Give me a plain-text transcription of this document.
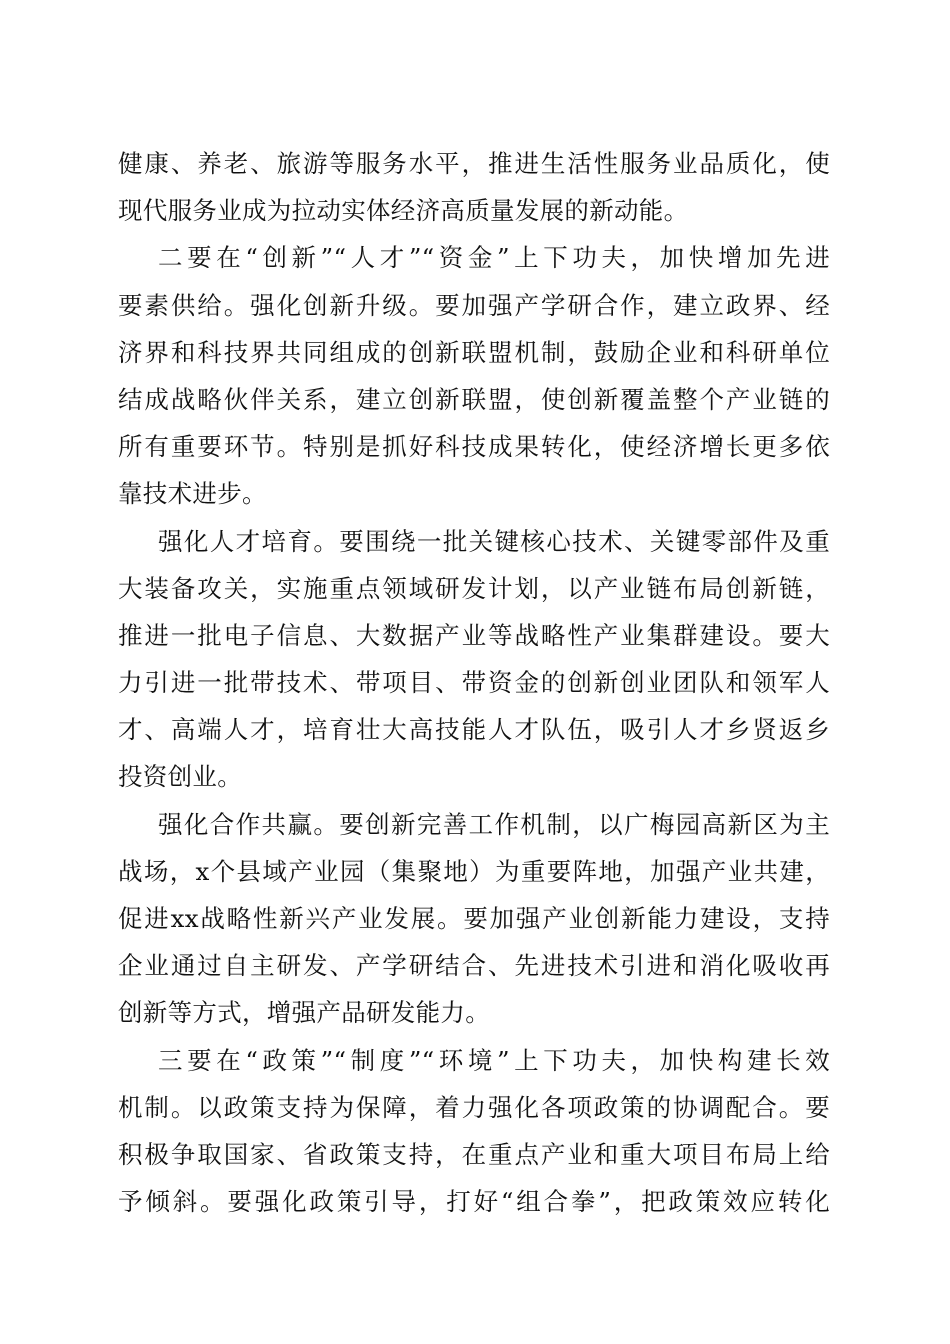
健康、养老、旅游等服务水平，推进生活性服务业品质化，使
现代服务业成为拉动实体经济高质量发展的新动能。
二要在“创新”“人才”“资金”上下功夫，加快增加先进
要素供给。强化创新升级。要加强产学研合作，建立政界、经
济界和科技界共同组成的创新联盟机制，鼓励企业和科研单位
结成战略伙伴关系，建立创新联盟，使创新覆盖整个产业链的
所有重要环节。特别是抓好科技成果转化，使经济增长更多依
靠技术进步。
强化人才培育。要围绕一批关键核心技术、关键零部件及重
大装备攻关，实施重点领域研发计划，以产业链布局创新链，
推进一批电子信息、大数据产业等战略性产业集群建设。要大
力引进一批带技术、带项目、带资金的创新创业团队和领军人
才、高端人才，培育壮大高技能人才队伍，吸引人才乡贤返乡
投资创业。
强化合作共赢。要创新完善工作机制，以广梅园高新区为主
战场，x个县域产业园（集聚地）为重要阵地，加强产业共建，
促进xx战略性新兴产业发展。要加强产业创新能力建设，支持
企业通过自主研发、产学研结合、先进技术引进和消化吸收再
创新等方式，增强产品研发能力。
三要在“政策”“制度”“环境”上下功夫，加快构建长效
机制。以政策支持为保障，着力强化各项政策的协调配合。要
积极争取国家、省政策支持，在重点产业和重大项目布局上给
予倾斜。要强化政策引导，打好“组合拳”，把政策效应转化
